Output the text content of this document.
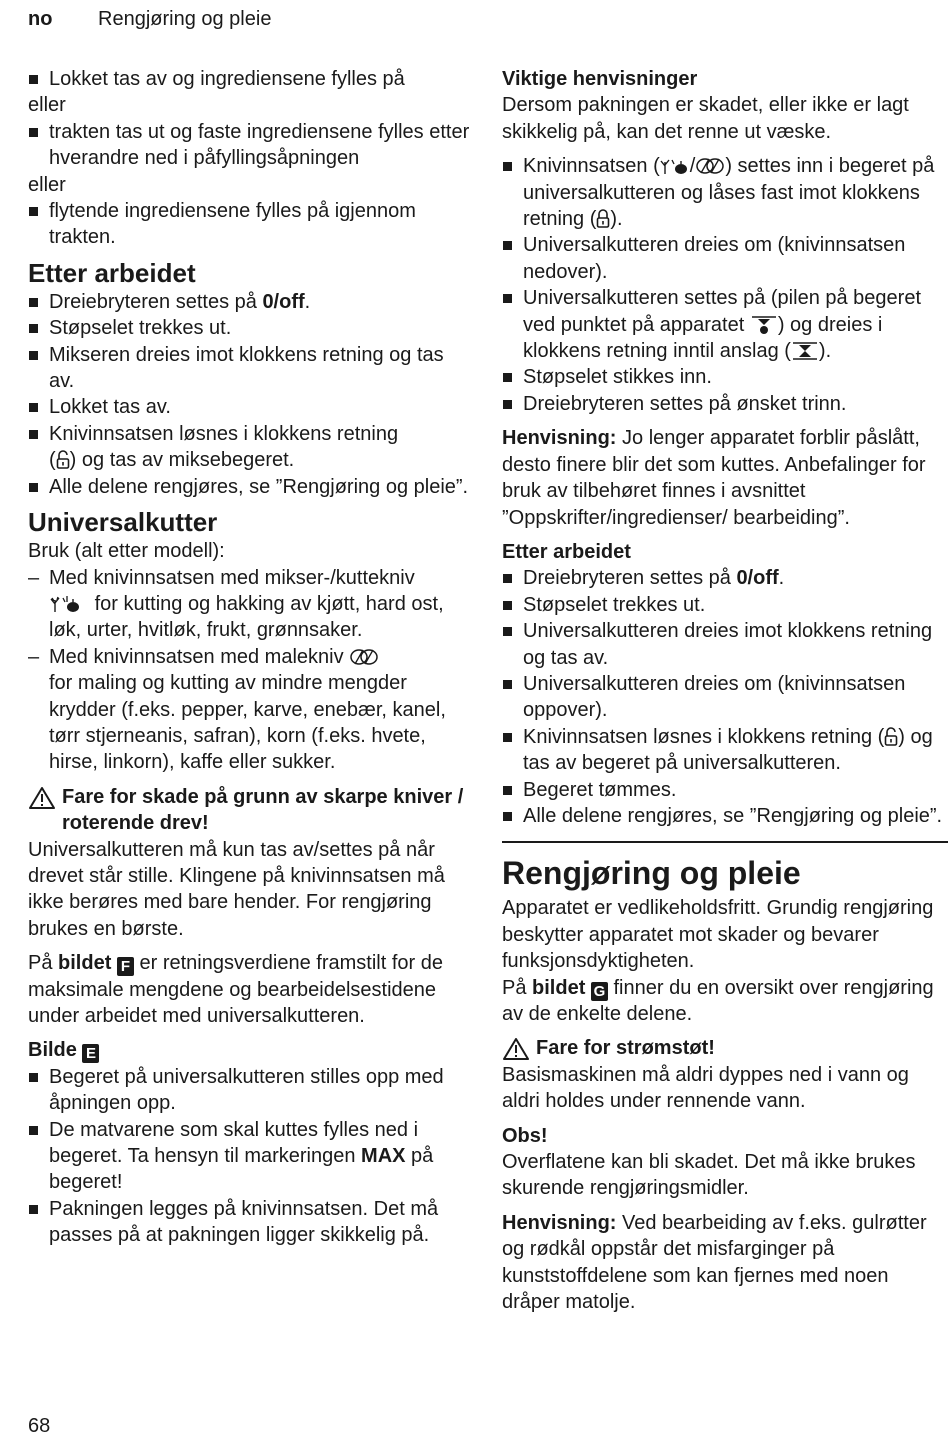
no Rengjøring og pleie
Lokket tas av og ingrediensene fylles på

eller

trakten tas ut og faste ingrediensene fylles etter hverandre ned i påfyllingsåpningen

eller

flytende ingrediensene fylles på igjennom trakten.
Etter arbeidet
Dreiebryteren settes på 0/off.
Støpselet trekkes ut.
Mikseren dreies imot klokkens retning og tas av.
Lokket tas av.
Knivinnsatsen løsnes i klokkens retning
( ) og tas av miksebegeret.
Alle delene rengjøres, se ”Rengjøring og pleie”.
Universalkutter

Bruk (alt etter modell):

– Med knivinnsatsen med mikser-/kuttekniv
for kutting og hakking av kjøtt, hard ost, løk, urter, hvitløk, frukt, grønnsaker.
– Med knivinnsatsen med malekniv
for maling og kutting av mindre mengder krydder (f.eks. pepper, karve, enebær, kanel, tørr stjerneanis, safran), korn (f.eks. hvete, hirse, linkorn), kaffe eller sukker.

Fare for skade på grunn av skarpe kniver / roterende drev!

Universalkutteren må kun tas av/settes på når drevet står stille. Klingene på knivinnsatsen må ikke berøres med bare hender. For rengjøring brukes en børste.

På bildet F er retningsverdiene framstilt for de maksimale mengdene og bearbeidelsestidene under arbeidet med universalkutteren.

Bilde E
Begeret på universalkutteren stilles opp med åpningen opp.
De matvarene som skal kuttes fylles ned i begeret. Ta hensyn til markeringen MAX på begeret!
Pakningen legges på knivinnsatsen. Det må passes på at pakningen ligger skikkelig på.
Viktige henvisninger

Dersom pakningen er skadet, eller ikke er lagt skikkelig på, kan det renne ut væske.

Knivinnsatsen ( / ) settes inn i begeret på universalkutteren og låses fast imot klokkens retning ( ).
Universalkutteren dreies om (knivinnsatsen nedover).
Universalkutteren settes på (pilen på begeret ved punktet på apparatet ) og dreies i klokkens retning inntil anslag ( ).
Støpselet stikkes inn.
Dreiebryteren settes på ønsket trinn.

Henvisning: Jo lenger apparatet forblir påslått, desto finere blir det som kuttes. Anbefalinger for bruk av tilbehøret finnes i avsnittet ”Oppskrifter/ingredienser/ bearbeiding”.

Etter arbeidet
Dreiebryteren settes på 0/off.
Støpselet trekkes ut.
Universalkutteren dreies imot klokkens retning og tas av.
Universalkutteren dreies om (knivinnsatsen oppover).
Knivinnsatsen løsnes i klokkens retning ( ) og tas av begeret på universalkutteren.
Begeret tømmes.
Alle delene rengjøres, se ”Rengjøring og pleie”.
Rengjøring og pleie

Apparatet er vedlikeholdsfritt. Grundig rengjøring beskytter apparatet mot skader og bevarer funksjonsdyktigheten.

På bildet G finner du en oversikt over rengjøring av de enkelte delene.

Fare for strømstøt!

Basismaskinen må aldri dyppes ned i vann og aldri holdes under rennende vann.

Obs!

Overflatene kan bli skadet. Det må ikke brukes skurende rengjøringsmidler.

Henvisning: Ved bearbeiding av f.eks. gulrøtter og rødkål oppstår det misfarginger på kunststoffdelene som kan fjernes med noen dråper matolje.

68
